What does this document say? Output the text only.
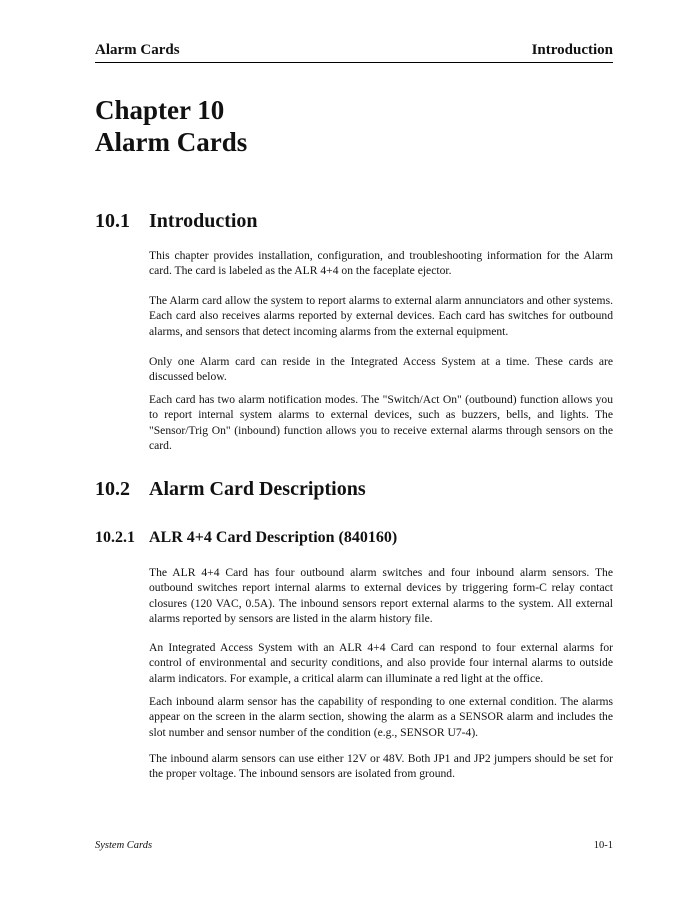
Alarm Cards	Introduction
Chapter 10
Alarm Cards
10.1 Introduction

This chapter provides installation, configuration, and troubleshooting information for the Alarm card. The card is labeled as the ALR 4+4 on the faceplate ejector.

The Alarm card allow the system to report alarms to external alarm annunciators and other systems. Each card also receives alarms reported by external devices. Each card has switches for outbound alarms, and sensors that detect incoming alarms from the external equipment.

Only one Alarm card can reside in the Integrated Access System at a time. These cards are discussed below.

Each card has two alarm notification modes. The "Switch/Act On" (outbound) function allows you to report internal system alarms to external devices, such as buzzers, bells, and lights. The "Sensor/Trig On" (inbound) function allows you to receive external alarms through sensors on the card.

10.2 Alarm Card Descriptions
10.2.1 ALR 4+4 Card Description (840160)

The ALR 4+4 Card has four outbound alarm switches and four inbound alarm sensors. The outbound switches report internal alarms to external devices by triggering form-C relay contact closures (120 VAC, 0.5A). The inbound sensors report external alarms to the system. All external alarms reported by sensors are listed in the alarm history file.

An Integrated Access System with an ALR 4+4 Card can respond to four external alarms for control of environmental and security conditions, and also provide four internal alarms to outside alarm indicators. For example, a critical alarm can illuminate a red light at the office.

Each inbound alarm sensor has the capability of responding to one external condition. The alarms appear on the screen in the alarm section, showing the alarm as a SENSOR alarm and includes the slot number and sensor number of the condition (e.g., SENSOR U7-4).

The inbound alarm sensors can use either 12V or 48V. Both JP1 and JP2 jumpers should be set for the proper voltage. The inbound sensors are isolated from ground.

System Cards	10-1
